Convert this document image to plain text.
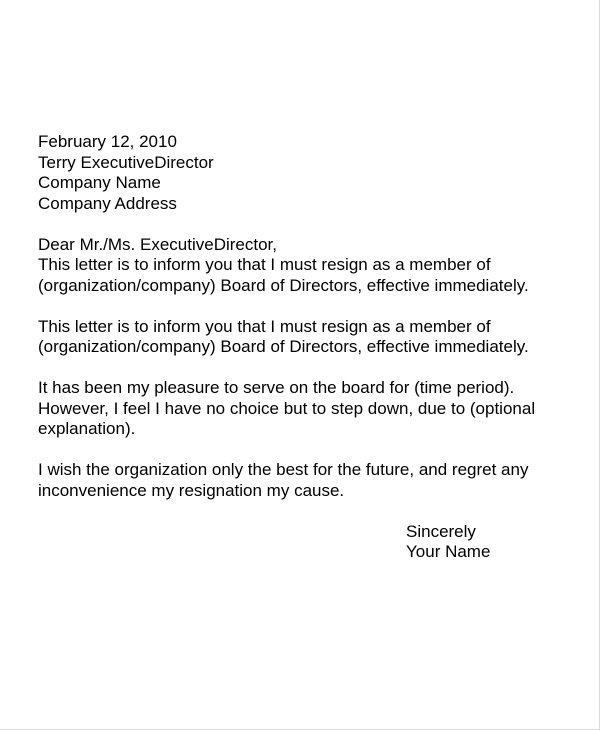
February 12, 2010

Terry ExecutiveDirector

Company Name

Company Address

Dear Mr./Ms. ExecutiveDirector,

This letter is to inform you that I must resign as a member of

(organization/company) Board of Directors, effective immediately.

This letter is to inform you that I must resign as a member of

(organization/company) Board of Directors, effective immediately.

It has been my pleasure to serve on the board for (time period).

However, I feel I have no choice but to step down, due to (optional

explanation).

I wish the organization only the best for the future, and regret any

inconvenience my resignation my cause.

Sincerely

Your Name
